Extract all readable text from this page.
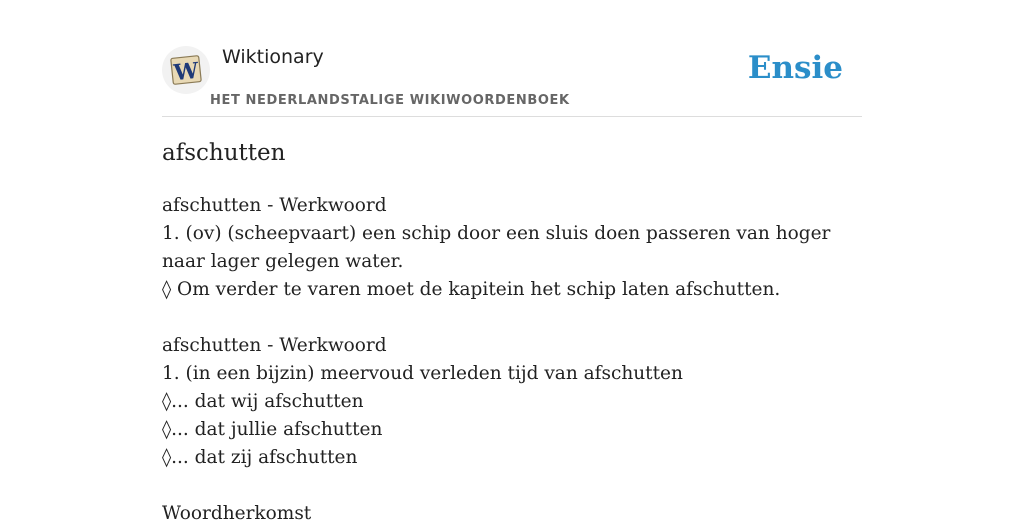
W
Wiktionary
HET NEDERLANDSTALIGE WIKIWOORDENBOEK
Ensie
afschutten
afschutten - Werkwoord
1. (ov) (scheepvaart) een schip door een sluis doen passeren van hoger naar lager gelegen water.
◊ Om verder te varen moet de kapitein het schip laten afschutten.
afschutten - Werkwoord
1. (in een bijzin) meervoud verleden tijd van afschutten
◊... dat wij afschutten
◊... dat jullie afschutten
◊... dat zij afschutten
Woordherkomst
